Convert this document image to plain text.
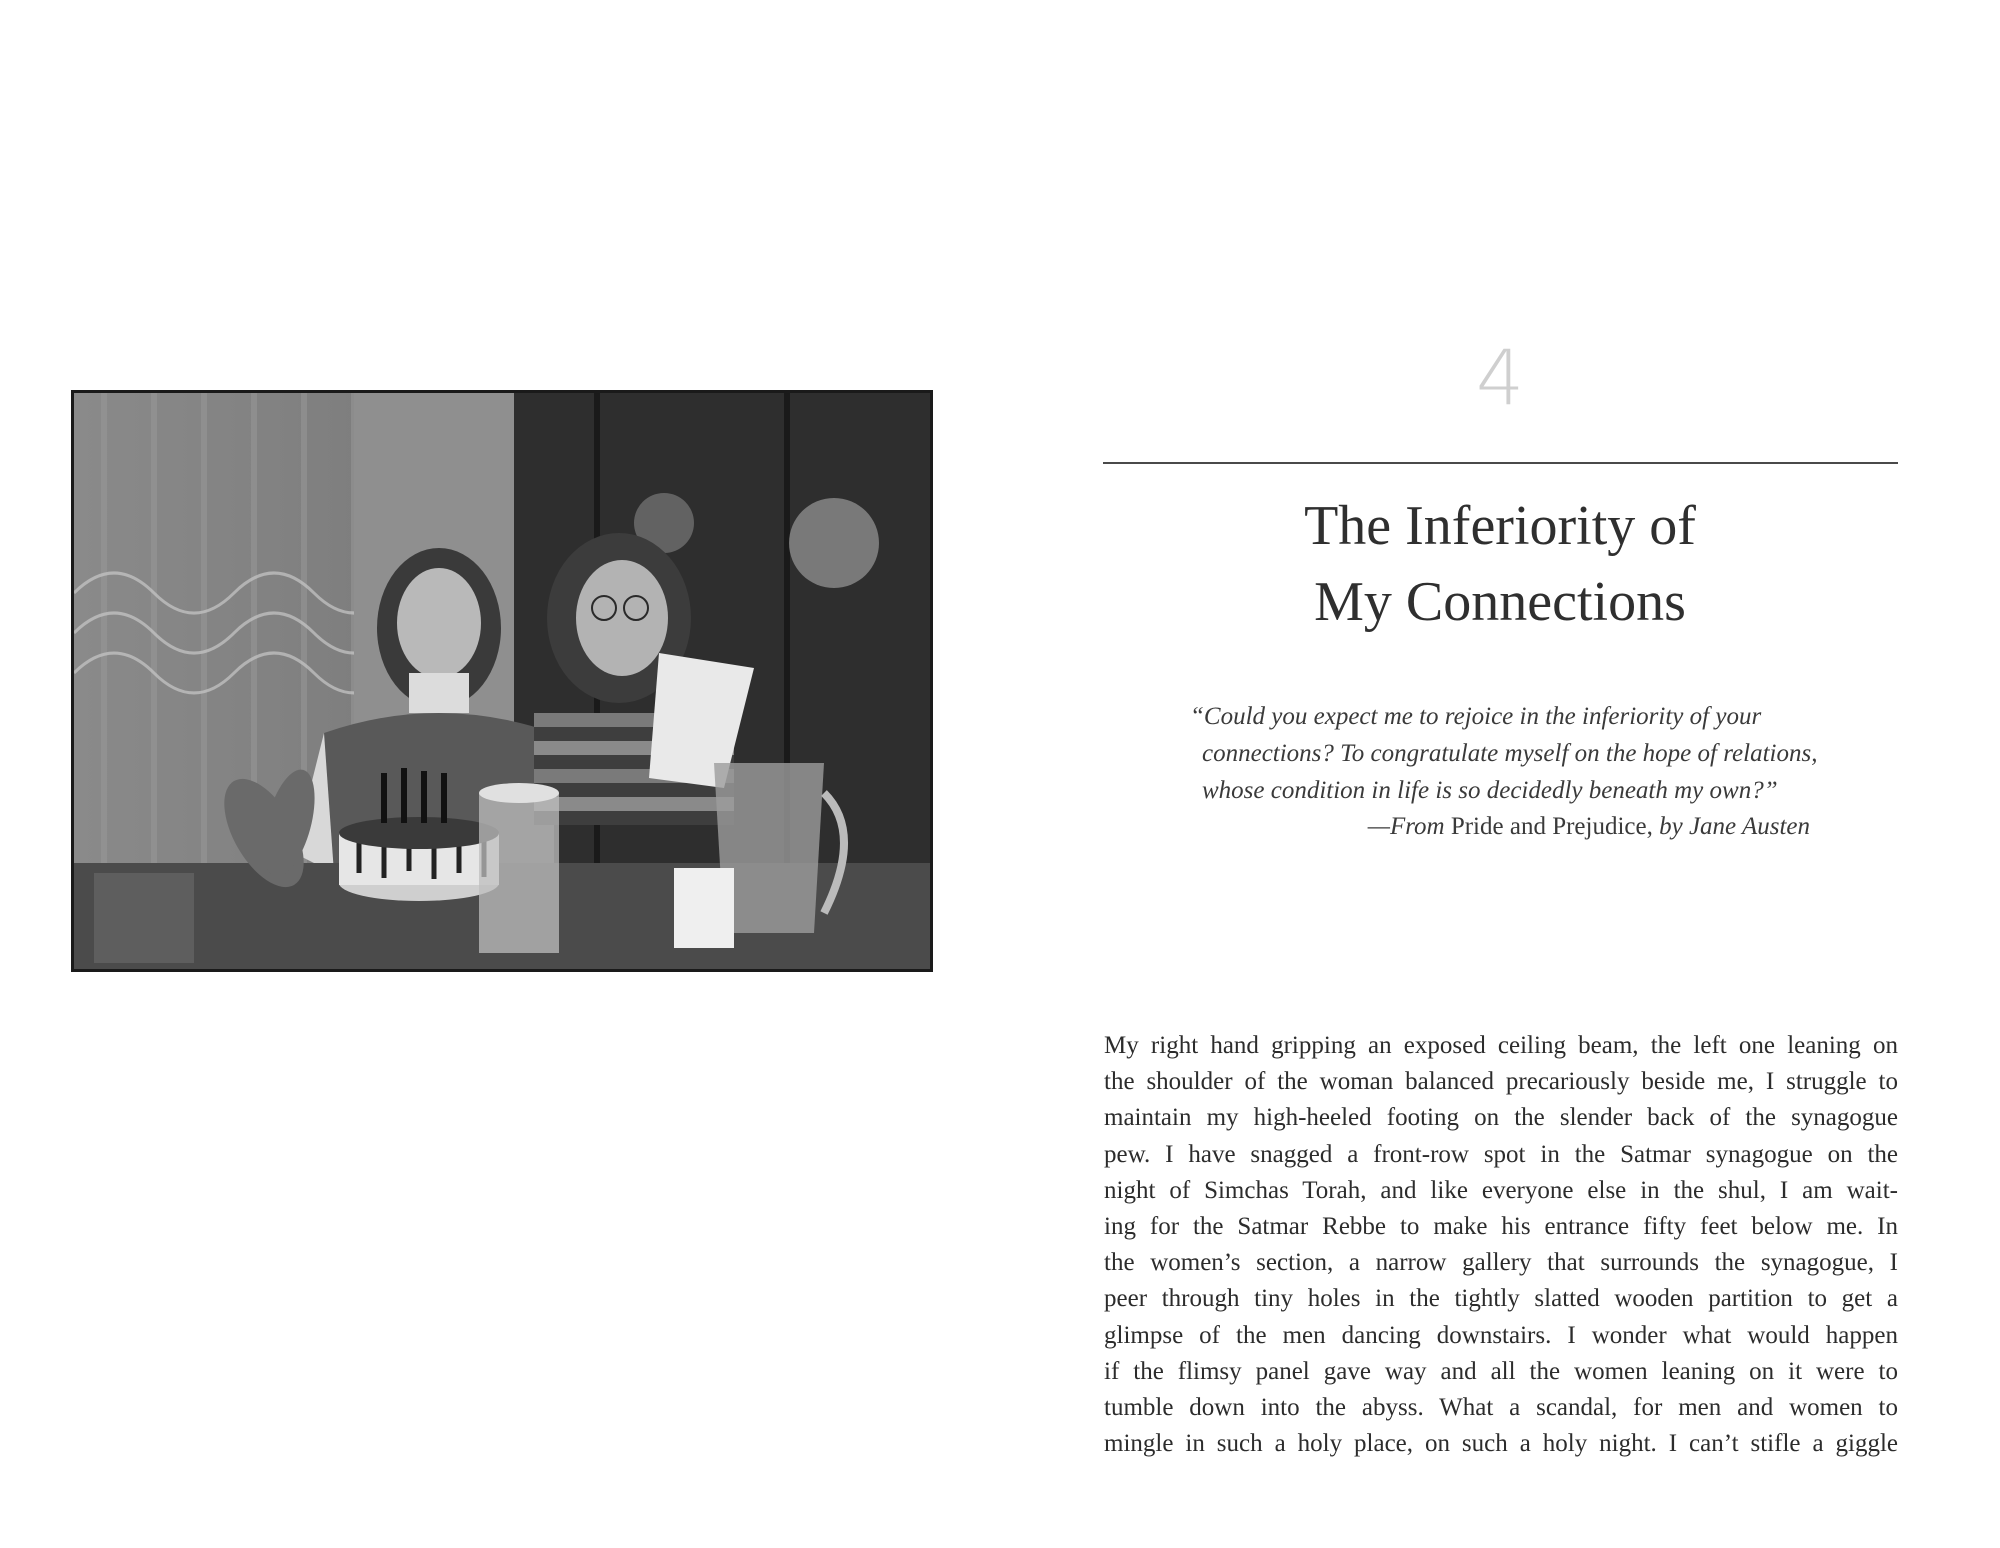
4
The Inferiority of
My Connections
“Could you expect me to rejoice in the inferiority of your
connections? To congratulate myself on the hope of relations,
whose condition in life is so decidedly beneath my own?”
—From Pride and Prejudice, by Jane Austen
My right hand gripping an exposed ceiling beam, the left one leaning on
the shoulder of the woman balanced precariously beside me, I struggle to
maintain my high-heeled footing on the slender back of the synagogue
pew. I have snagged a front-row spot in the Satmar synagogue on the
night of Simchas Torah, and like everyone else in the shul, I am wait-
ing for the Satmar Rebbe to make his entrance fifty feet below me. In
the women’s section, a narrow gallery that surrounds the synagogue, I
peer through tiny holes in the tightly slatted wooden partition to get a
glimpse of the men dancing downstairs. I wonder what would happen
if the flimsy panel gave way and all the women leaning on it were to
tumble down into the abyss. What a scandal, for men and women to
mingle in such a holy place, on such a holy night. I can’t stifle a giggle
